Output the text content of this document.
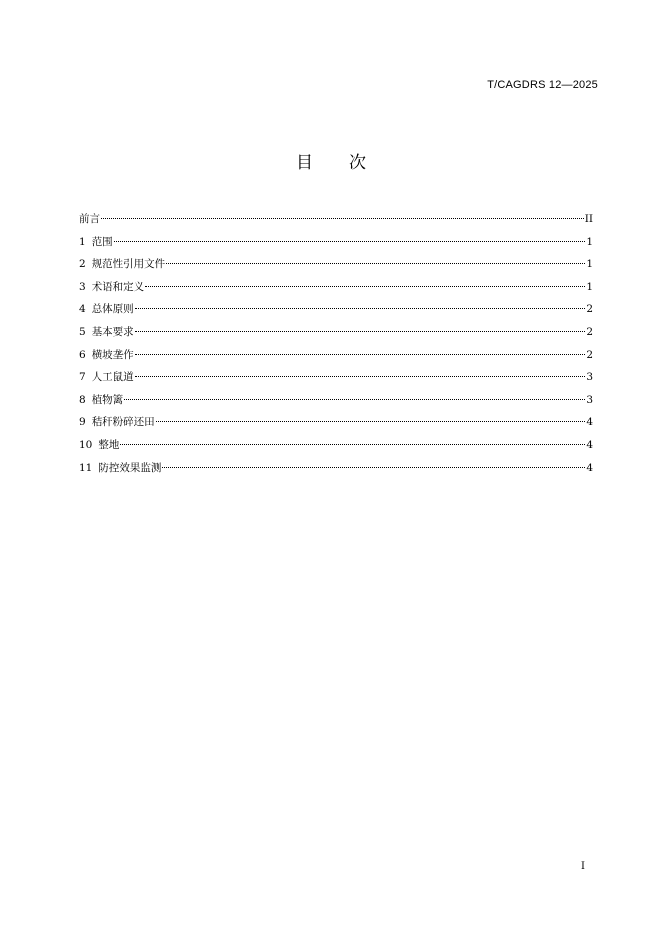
T/CAGDRS 12—2025
目 次
前言	II
1 范围	1
2 规范性引用文件	1
3 术语和定义	1
4 总体原则	2
5 基本要求	2
6 横坡垄作	2
7 人工鼠道	3
8 植物篱	3
9 秸秆粉碎还田	4
10 整地	4
11 防控效果监测	4
I
